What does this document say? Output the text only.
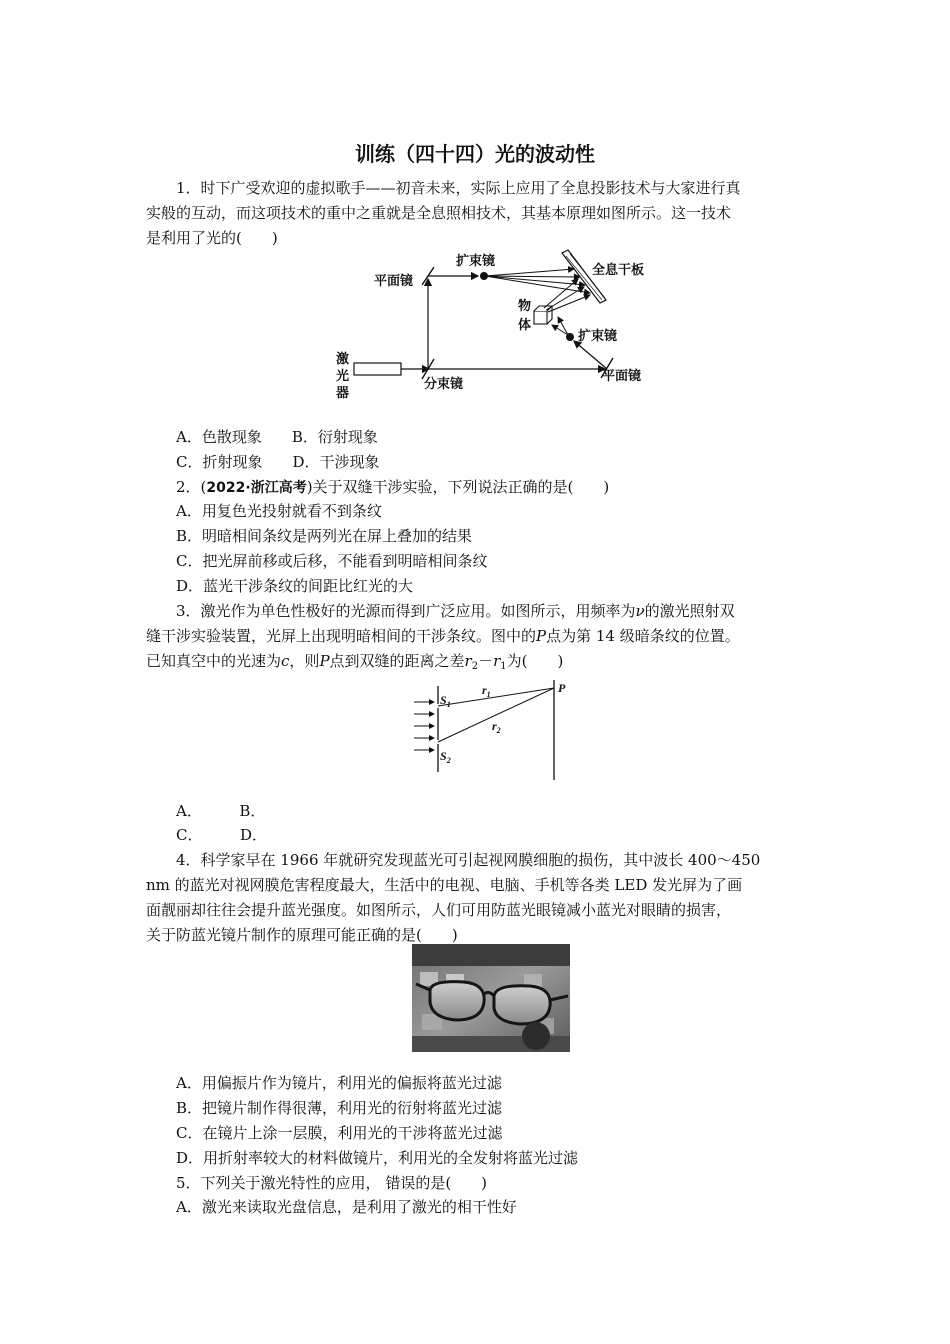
训练（四十四）光的波动性
1．时下广受欢迎的虚拟歌手——初音未来，实际上应用了全息投影技术与大家进行真
实般的互动，而这项技术的重中之重就是全息照相技术，其基本原理如图所示。这一技术
是利用了光的(　　)
平面镜
扩束镜
全息干板
物
体
扩束镜
激
光
器
分束镜
平面镜
A．色散现象　　B．衍射现象
C．折射现象　　D．干涉现象
2．(2022·浙江高考)关于双缝干涉实验，下列说法正确的是(　　)
A．用复色光投射就看不到条纹
B．明暗相间条纹是两列光在屏上叠加的结果
C．把光屏前移或后移，不能看到明暗相间条纹
D．蓝光干涉条纹的间距比红光的大
3．激光作为单色性极好的光源而得到广泛应用。如图所示，用频率为ν的激光照射双
缝干涉实验装置，光屏上出现明暗相间的干涉条纹。图中的P点为第 14 级暗条纹的位置。
已知真空中的光速为c，则P点到双缝的距离之差$r_2-r_1$为(　　)
$S_1$
$S_2$
$r_1$
$r_2$
P
A．　　　B．
C．　　　D．
4．科学家早在 1966 年就研究发现蓝光可引起视网膜细胞的损伤，其中波长 400～450
nm 的蓝光对视网膜危害程度最大，生活中的电视、电脑、手机等各类 LED 发光屏为了画
面靓丽却往往会提升蓝光强度。如图所示，人们可用防蓝光眼镜减小蓝光对眼睛的损害，
关于防蓝光镜片制作的原理可能正确的是(　　)
A．用偏振片作为镜片，利用光的偏振将蓝光过滤
B．把镜片制作得很薄，利用光的衍射将蓝光过滤
C．在镜片上涂一层膜，利用光的干涉将蓝光过滤
D．用折射率较大的材料做镜片，利用光的全发射将蓝光过滤
5．下列关于激光特性的应用， 错误的是(　　)
A．激光来读取光盘信息，是利用了激光的相干性好
